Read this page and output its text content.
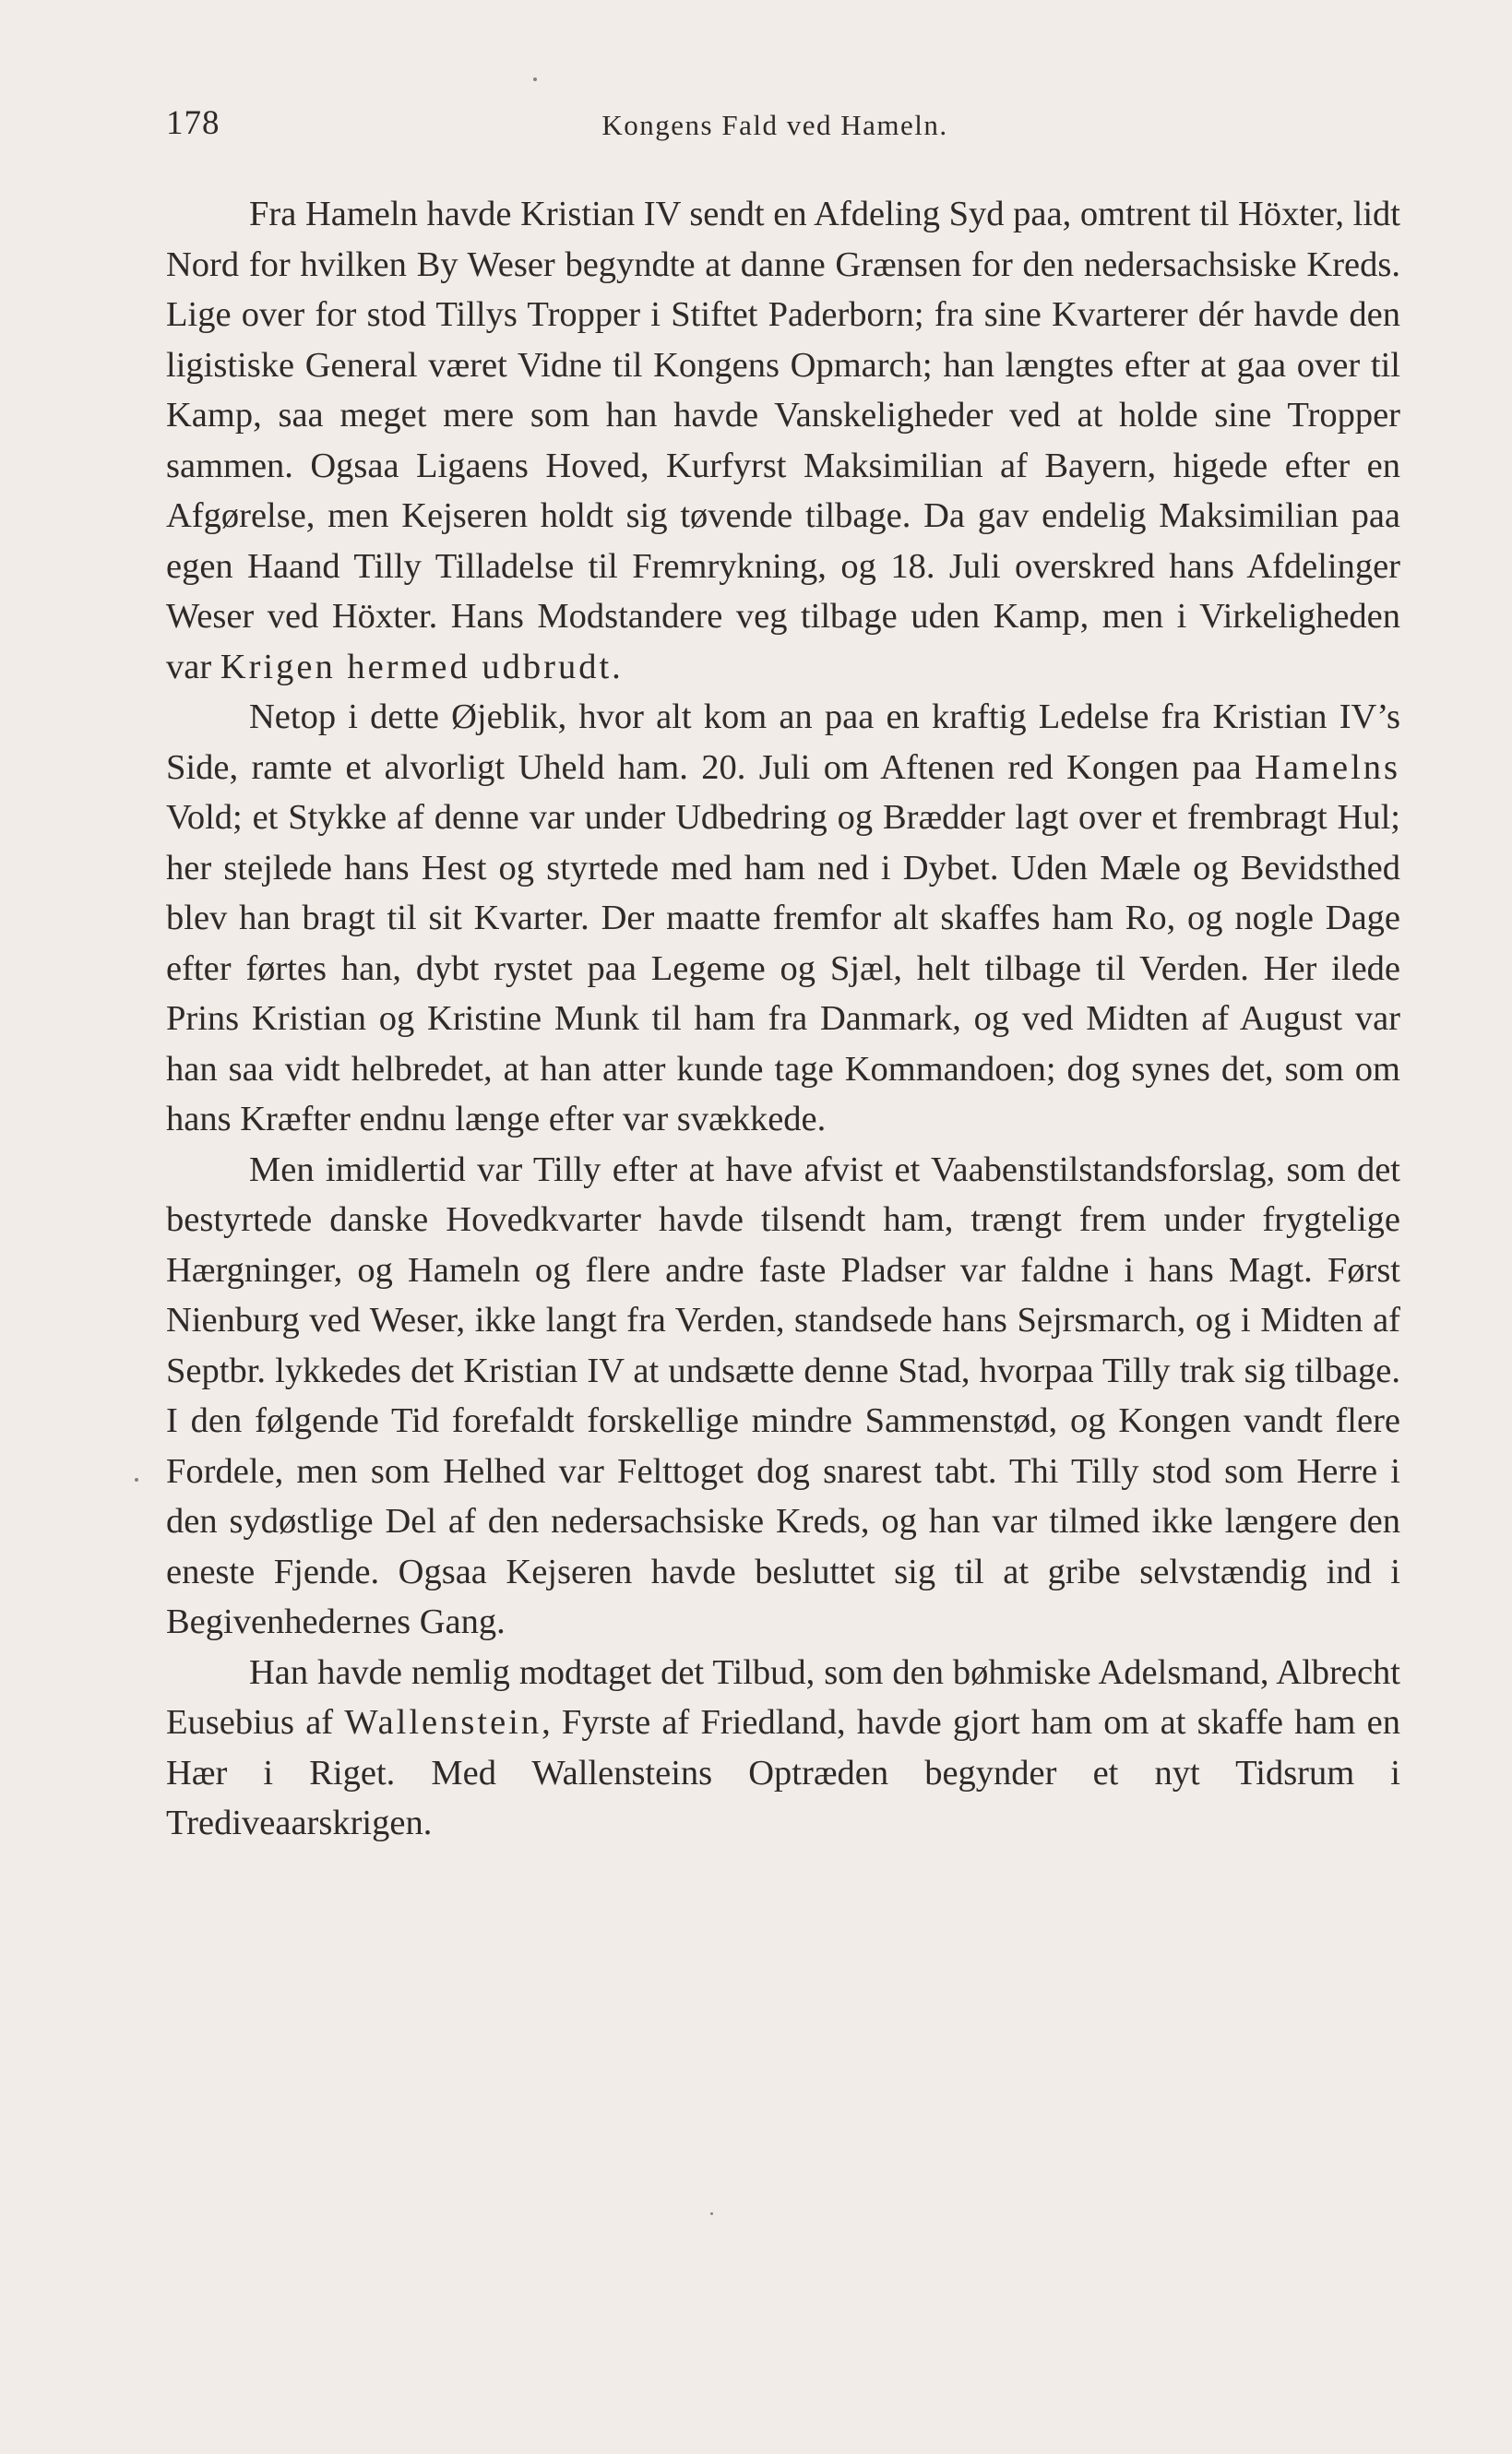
178	Kongens Fald ved Hameln.

Fra Hameln havde Kristian IV sendt en Afdeling Syd paa, omtrent til Höxter, lidt Nord for hvilken By Weser begyndte at danne Grænsen for den nedersachsiske Kreds. Lige over for stod Tillys Tropper i Stiftet Paderborn; fra sine Kvarterer dér havde den ligistiske General været Vidne til Kongens Opmarch; han længtes efter at gaa over til Kamp, saa meget mere som han havde Vanskeligheder ved at holde sine Tropper sammen. Ogsaa Ligaens Hoved, Kurfyrst Maksimilian af Bayern, higede efter en Afgørelse, men Kejseren holdt sig tøvende tilbage. Da gav endelig Maksimilian paa egen Haand Tilly Tilladelse til Fremrykning, og 18. Juli overskred hans Afdelinger Weser ved Höxter. Hans Modstandere veg tilbage uden Kamp, men i Virkeligheden var Krigen hermed udbrudt.

Netop i dette Øjeblik, hvor alt kom an paa en kraftig Ledelse fra Kristian IV’s Side, ramte et alvorligt Uheld ham. 20. Juli om Aftenen red Kongen paa Hamelns Vold; et Stykke af denne var under Udbedring og Brædder lagt over et frembragt Hul; her stejlede hans Hest og styrtede med ham ned i Dybet. Uden Mæle og Bevidsthed blev han bragt til sit Kvarter. Der maatte fremfor alt skaffes ham Ro, og nogle Dage efter førtes han, dybt rystet paa Legeme og Sjæl, helt tilbage til Verden. Her ilede Prins Kristian og Kristine Munk til ham fra Danmark, og ved Midten af August var han saa vidt helbredet, at han atter kunde tage Kommandoen; dog synes det, som om hans Kræfter endnu længe efter var svækkede.

Men imidlertid var Tilly efter at have afvist et Vaabenstilstandsforslag, som det bestyrtede danske Hovedkvarter havde tilsendt ham, trængt frem under frygtelige Hærgninger, og Hameln og flere andre faste Pladser var faldne i hans Magt. Først Nienburg ved Weser, ikke langt fra Verden, standsede hans Sejrsmarch, og i Midten af Septbr. lykkedes det Kristian IV at undsætte denne Stad, hvorpaa Tilly trak sig tilbage. I den følgende Tid forefaldt forskellige mindre Sammenstød, og Kongen vandt flere Fordele, men som Helhed var Felttoget dog snarest tabt. Thi Tilly stod som Herre i den sydøstlige Del af den nedersachsiske Kreds, og han var tilmed ikke længere den eneste Fjende. Ogsaa Kejseren havde besluttet sig til at gribe selvstændig ind i Begivenhedernes Gang.

Han havde nemlig modtaget det Tilbud, som den bøhmiske Adelsmand, Albrecht Eusebius af Wallenstein, Fyrste af Friedland, havde gjort ham om at skaffe ham en Hær i Riget. Med Wallensteins Optræden begynder et nyt Tidsrum i Trediveaarskrigen.
